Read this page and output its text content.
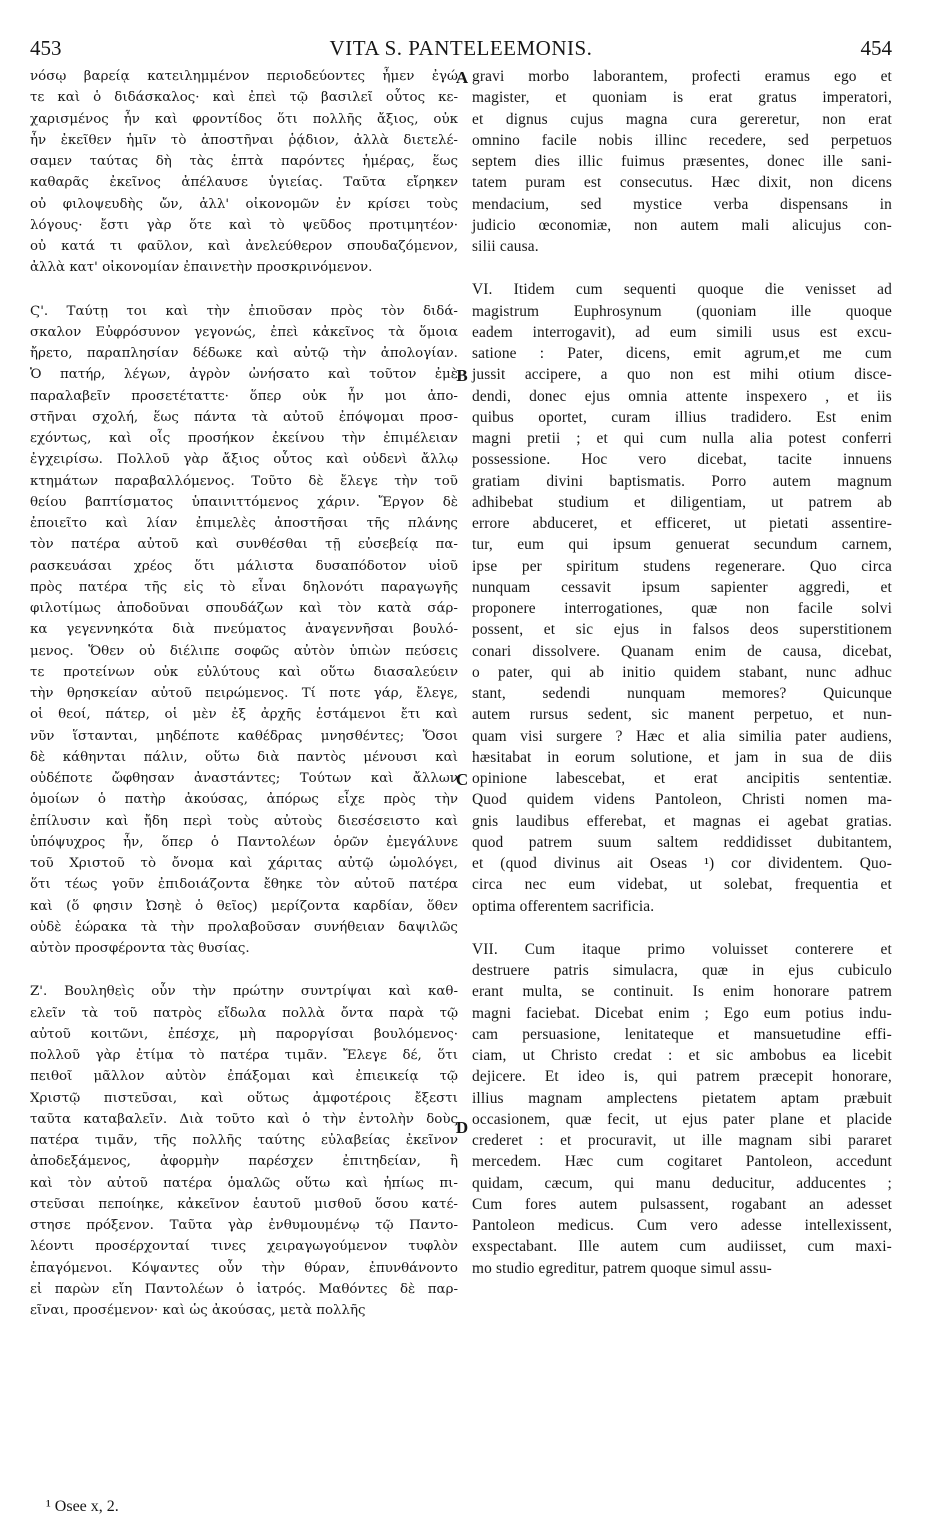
VITA S. PANTELEEMONIS.
453	454
νόσῳ βαρείᾳ κατειλημμένον περιοδεύοντες ἦμεν ἐγώ
τε καὶ ὁ διδάσκαλος· καὶ ἐπεὶ τῷ βασιλεῖ οὗτος κε-
χαρισμένος ἦν καὶ φροντίδος ὅτι πολλῆς ἄξιος, οὐκ
ἦν ἐκεῖθεν ἡμῖν τὸ ἀποστῆναι ῥᾴδιον, ἀλλὰ διετελέ-
σαμεν ταύτας δὴ τὰς ἑπτὰ παρόντες ἡμέρας, ἕως
καθαρᾶς ἐκεῖνος ἀπέλαυσε ὑγιείας. Ταῦτα εἴρηκεν
οὐ φιλοψευδὴς ὤν, ἀλλ' οἰκονομῶν ἐν κρίσει τοὺς
λόγους· ἔστι γὰρ ὅτε καὶ τὸ ψεῦδος προτιμητέον·
οὐ κατά τι φαῦλον, καὶ ἀνελεύθερον σπουδαζόμενον,
ἀλλὰ κατ' οἰκονομίαν ἐπαινετὴν προσκρινόμενον.
Ϛ'. Ταύτῃ τοι καὶ τὴν ἐπιοῦσαν πρὸς τὸν διδά-
σκαλον Εὐφρόσυνον γεγονώς, ἐπεὶ κἀκεῖνος τὰ ὅμοια
ἤρετο, παραπλησίαν δέδωκε καὶ αὐτῷ τὴν ἀπολογίαν.
Ὁ πατήρ, λέγων, ἀγρὸν ὠνήσατο καὶ τοῦτον ἐμὲ
παραλαβεῖν προσετέταττε· ὅπερ οὐκ ἦν μοι ἀπο-
στῆναι σχολή, ἕως πάντα τὰ αὐτοῦ ἐπόψομαι προσ-
εχόντως, καὶ οἷς προσήκον ἐκείνου τὴν ἐπιμέλειαν
ἐγχειρίσω. Πολλοῦ γὰρ ἄξιος οὗτος καὶ οὐδενὶ ἄλλῳ
κτημάτων παραβαλλόμενος. Τοῦτο δὲ ἔλεγε τὴν τοῦ
θείου βαπτίσματος ὑπαινιττόμενος χάριν. Ἔργον δὲ
ἐποιεῖτο καὶ λίαν ἐπιμελὲς ἀποστῆσαι τῆς πλάνης
τὸν πατέρα αὐτοῦ καὶ συνθέσθαι τῇ εὐσεβείᾳ πα-
ρασκευάσαι χρέος ὅτι μάλιστα δυσαπόδοτον υἱοῦ
πρὸς πατέρα τῆς εἰς τὸ εἶναι δηλονότι παραγωγῆς
φιλοτίμως ἀποδοῦναι σπουδάζων καὶ τὸν κατὰ σάρ-
κα γεγεννηκότα διὰ πνεύματος ἀναγεννῆσαι βουλό-
μενος. Ὅθεν οὐ διέλιπε σοφῶς αὐτὸν ὑπιὼν πεύσεις
τε προτείνων οὐκ εὐλύτους καὶ οὕτω διασαλεύειν
τὴν θρησκείαν αὐτοῦ πειρώμενος. Τί ποτε γάρ, ἔλεγε,
οἱ θεοί, πάτερ, οἱ μὲν ἐξ ἀρχῆς ἑστάμενοι ἔτι καὶ
νῦν ἵστανται, μηδέποτε καθέδρας μνησθέντες; Ὅσοι
δὲ κάθηνται πάλιν, οὕτω διὰ παντὸς μένουσι καὶ
οὐδέποτε ὤφθησαν ἀναστάντες; Τούτων καὶ ἄλλων
ὁμοίων ὁ πατὴρ ἀκούσας, ἀπόρως εἶχε πρὸς τὴν
ἐπίλυσιν καὶ ἤδη περὶ τοὺς αὐτοὺς διεσέσειστο καὶ
ὑπόψυχρος ἦν, ὅπερ ὁ Παντολέων ὁρῶν ἐμεγάλυνε
τοῦ Χριστοῦ τὸ ὄνομα καὶ χάριτας αὐτῷ ὡμολόγει,
ὅτι τέως γοῦν ἐπιδοιάζοντα ἔθηκε τὸν αὐτοῦ πατέρα
καὶ (ὅ φησιν Ὠσηὲ ὁ θεῖος) μερίζοντα καρδίαν, ὅθεν
οὐδὲ ἑώρακα τὰ τὴν προλαβοῦσαν συνήθειαν δαψιλῶς
αὐτὸν προσφέροντα τὰς θυσίας.
Ζ'. Βουληθεὶς οὖν τὴν πρώτην συντρίψαι καὶ καθ-
ελεῖν τὰ τοῦ πατρὸς εἴδωλα πολλὰ ὄντα παρὰ τῷ
αὐτοῦ κοιτῶνι, ἐπέσχε, μὴ παροργίσαι βουλόμενος·
πολλοῦ γὰρ ἐτίμα τὸ πατέρα τιμᾶν. Ἔλεγε δέ, ὅτι
πειθοῖ μᾶλλον αὐτὸν ἐπάξομαι καὶ ἐπιεικείᾳ τῷ
Χριστῷ πιστεῦσαι, καὶ οὕτως ἀμφοτέροις ἔξεστι
ταῦτα καταβαλεῖν. Διὰ τοῦτο καὶ ὁ τὴν ἐντολὴν δοὺς
πατέρα τιμᾶν, τῆς πολλῆς ταύτης εὐλαβείας ἐκεῖνον
ἀποδεξάμενος, ἀφορμὴν παρέσχεν ἐπιτηδείαν, ἣ
καὶ τὸν αὐτοῦ πατέρα ὁμαλῶς οὕτω καὶ ἠπίως πι-
στεῦσαι πεποίηκε, κἀκεῖνον ἑαυτοῦ μισθοῦ ὅσου κατέ-
στησε πρόξενον. Ταῦτα γὰρ ἐνθυμουμένῳ τῷ Παντο-
λέοντι προσέρχονταί τινες χειραγωγούμενον τυφλὸν
ἐπαγόμενοι. Κόψαντες οὖν τὴν θύραν, ἐπυνθάνοντο
εἰ παρὼν εἴη Παντολέων ὁ ἰατρός. Μαθόντες δὲ παρ-
εῖναι, προσέμενον· καὶ ὡς ἀκούσας, μετὰ πολλῆς
gravi morbo laborantem, profecti eramus ego et
magister, et quoniam is erat gratus imperatori,
et dignus cujus magna cura gereretur, non erat
omnino facile nobis illinc recedere, sed perpetuos
septem dies illic fuimus præsentes, donec ille sani-
tatem puram est consecutus. Hæc dixit, non dicens
mendacium, sed mystice verba dispensans in
judicio œconomiæ, non autem mali alicujus con-
silii causa.
VI. Itidem cum sequenti quoque die venisset ad
magistrum Euphrosynum (quoniam ille quoque
eadem interrogavit), ad eum simili usus est excu-
satione : Pater, dicens, emit agrum,et me cum
jussit accipere, a quo non est mihi otium disce-
dendi, donec ejus omnia attente inspexero , et iis
quibus oportet, curam illius tradidero. Est enim
magni pretii ; et qui cum nulla alia potest conferri
possessione. Hoc vero dicebat, tacite innuens
gratiam divini baptismatis. Porro autem magnum
adhibebat studium et diligentiam, ut patrem ab
errore abduceret, et efficeret, ut pietati assentire-
tur, eum qui ipsum genuerat secundum carnem,
ipse per spiritum studens regenerare. Quo circa
nunquam cessavit ipsum sapienter aggredi, et
proponere interrogationes, quæ non facile solvi
possent, et sic ejus in falsos deos superstitionem
conari dissolvere. Quanam enim de causa, dicebat,
o pater, qui ab initio quidem stabant, nunc adhuc
stant, sedendi nunquam memores? Quicunque
autem rursus sedent, sic manent perpetuo, et nun-
quam visi surgere ? Hæc et alia similia pater audiens,
hæsitabat in eorum solutione, et jam in sua de diis
opinione labescebat, et erat ancipitis sententiæ.
Quod quidem videns Pantoleon, Christi nomen ma-
gnis laudibus efferebat, et magnas ei agebat gratias.
quod patrem suum saltem reddidisset dubitantem,
et (quod divinus ait Oseas ¹) cor dividentem. Quo-
circa nec eum videbat, ut solebat, frequentia et
optima offerentem sacrificia.
VII. Cum itaque primo voluisset conterere et
destruere patris simulacra, quæ in ejus cubiculo
erant multa, se continuit. Is enim honorare patrem
magni faciebat. Dicebat enim ; Ego eum potius indu-
cam persuasione, lenitateque et mansuetudine effi-
ciam, ut Christo credat : et sic ambobus ea licebit
dejicere. Et ideo is, qui patrem præcepit honorare,
illius magnam amplectens pietatem aptam præbuit
occasionem, quæ fecit, ut ejus pater plane et placide
crederet : et procuravit, ut ille magnam sibi pararet
mercedem. Hæc cum cogitaret Pantoleon, accedunt
quidam, cæcum, qui manu deducitur, adducentes ;
Cum fores autem pulsassent, rogabant an adesset
Pantoleon medicus. Cum vero adesse intellexissent,
exspectabant. Ille autem cum audiisset, cum maxi-
mo studio egreditur, patrem quoque simul assu-
A
B
C
D
¹ Osee x, 2.
